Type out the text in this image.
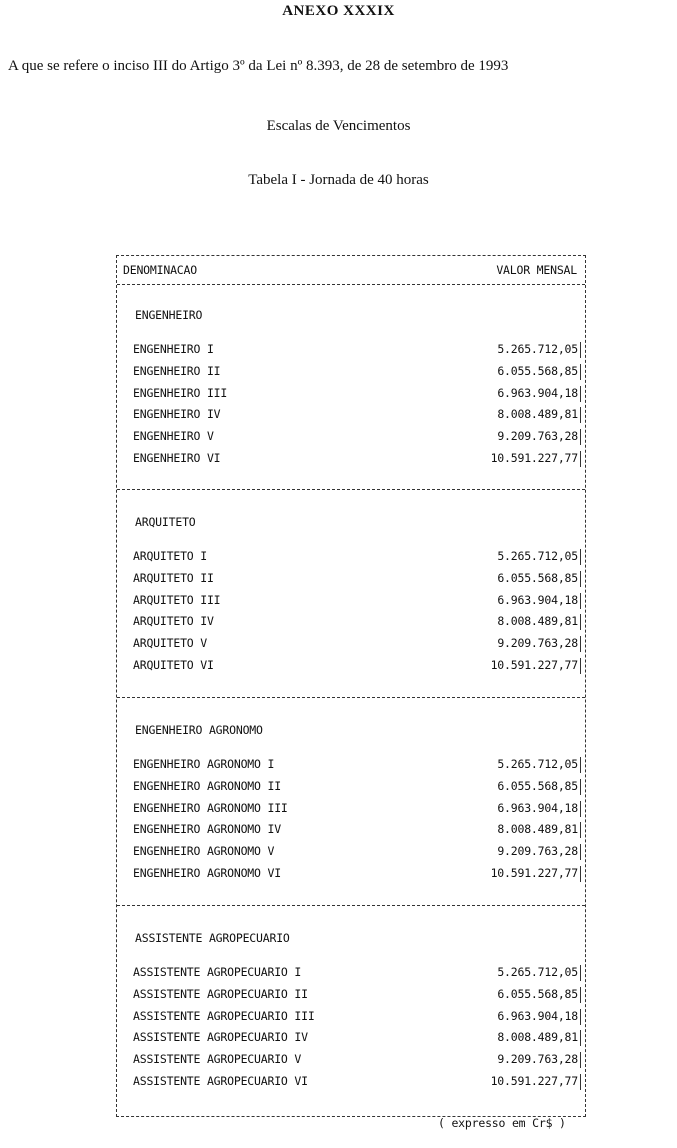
ANEXO XXXIX
A que se refere o inciso III do Artigo 3º da Lei nº 8.393, de 28 de setembro de 1993
Escalas de Vencimentos
Tabela I - Jornada de 40 horas
DENOMINACAO	VALOR MENSAL
ENGENHEIRO
ENGENHEIRO I	5.265.712,05
ENGENHEIRO II	6.055.568,85
ENGENHEIRO III	6.963.904,18
ENGENHEIRO IV	8.008.489,81
ENGENHEIRO V	9.209.763,28
ENGENHEIRO VI	10.591.227,77
ARQUITETO
ARQUITETO I	5.265.712,05
ARQUITETO II	6.055.568,85
ARQUITETO III	6.963.904,18
ARQUITETO IV	8.008.489,81
ARQUITETO V	9.209.763,28
ARQUITETO VI	10.591.227,77
ENGENHEIRO AGRONOMO
ENGENHEIRO AGRONOMO I	5.265.712,05
ENGENHEIRO AGRONOMO II	6.055.568,85
ENGENHEIRO AGRONOMO III	6.963.904,18
ENGENHEIRO AGRONOMO IV	8.008.489,81
ENGENHEIRO AGRONOMO V	9.209.763,28
ENGENHEIRO AGRONOMO VI	10.591.227,77
ASSISTENTE AGROPECUARIO
ASSISTENTE AGROPECUARIO I	5.265.712,05
ASSISTENTE AGROPECUARIO II	6.055.568,85
ASSISTENTE AGROPECUARIO III	6.963.904,18
ASSISTENTE AGROPECUARIO IV	8.008.489,81
ASSISTENTE AGROPECUARIO V	9.209.763,28
ASSISTENTE AGROPECUARIO VI	10.591.227,77
( expresso em Cr$ )
